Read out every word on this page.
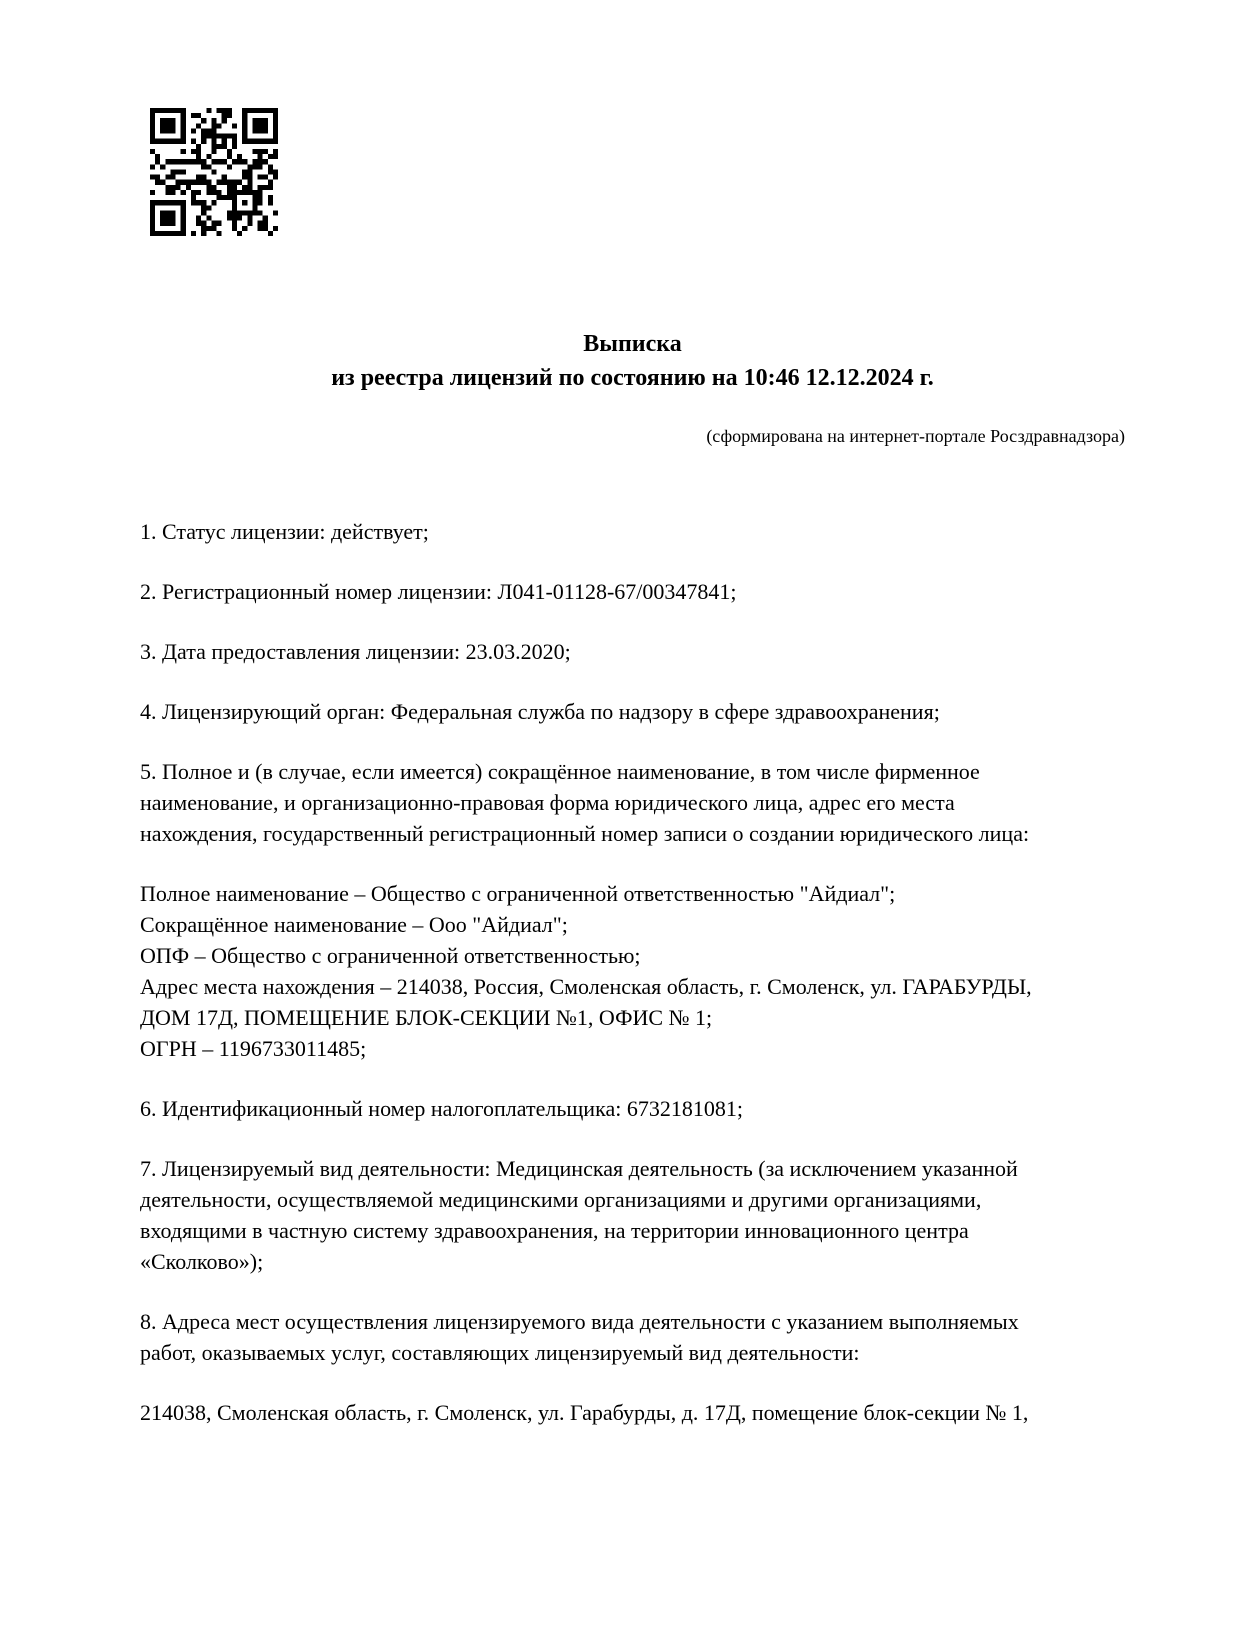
Выписка
из реестра лицензий по состоянию на 10:46 12.12.2024 г.
(сформирована на интернет-портале Росздравнадзора)
1. Статус лицензии: действует;
2. Регистрационный номер лицензии: Л041-01128-67/00347841;
3. Дата предоставления лицензии: 23.03.2020;
4. Лицензирующий орган: Федеральная служба по надзору в сфере здравоохранения;
5. Полное и (в случае, если имеется) сокращённое наименование, в том числе фирменное
наименование, и организационно-правовая форма юридического лица, адрес его места
нахождения, государственный регистрационный номер записи о создании юридического лица:
Полное наименование – Общество с ограниченной ответственностью "Айдиал";
Сокращённое наименование – Ооо "Айдиал";
ОПФ – Общество с ограниченной ответственностью;
Адрес места нахождения – 214038, Россия, Смоленская область, г. Смоленск, ул. ГАРАБУРДЫ,
ДОМ 17Д, ПОМЕЩЕНИЕ БЛОК-СЕКЦИИ №1, ОФИС № 1;
ОГРН – 1196733011485;
6. Идентификационный номер налогоплательщика: 6732181081;
7. Лицензируемый вид деятельности: Медицинская деятельность (за исключением указанной
деятельности, осуществляемой медицинскими организациями и другими организациями,
входящими в частную систему здравоохранения, на территории инновационного центра
«Сколково»);
8. Адреса мест осуществления лицензируемого вида деятельности с указанием выполняемых
работ, оказываемых услуг, составляющих лицензируемый вид деятельности:
214038, Смоленская область, г. Смоленск, ул. Гарабурды, д. 17Д, помещение блок-секции № 1,
